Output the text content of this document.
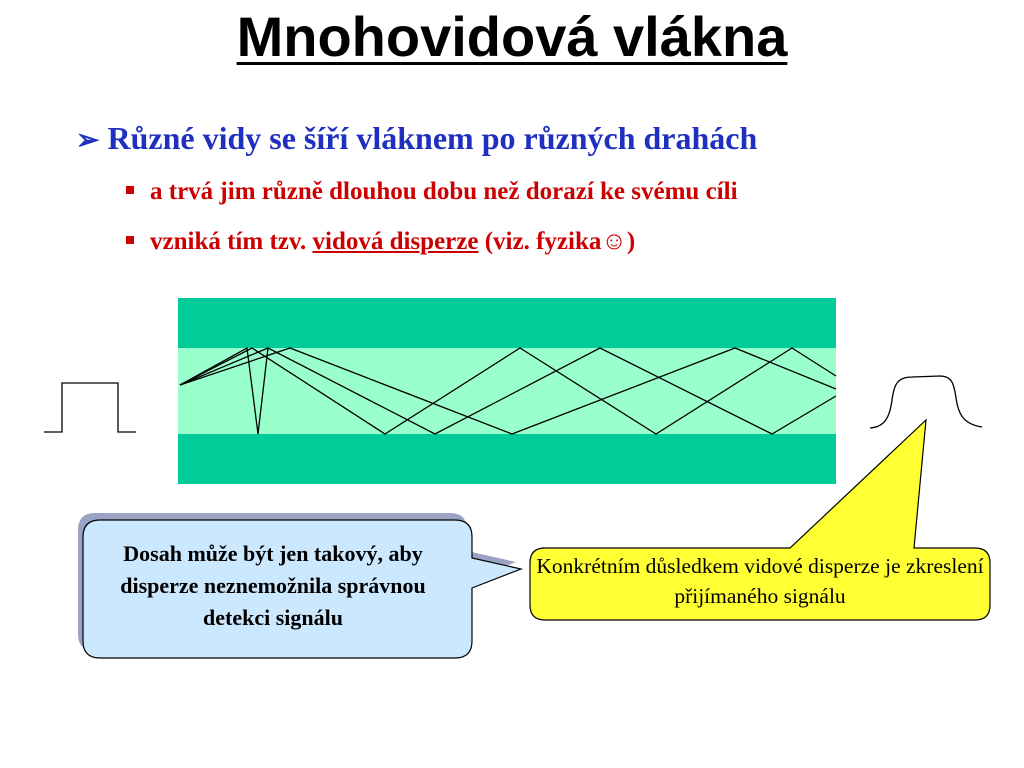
Mnohovidová vlákna
➢ Různé vidy se šíří vláknem po různých drahách
a trvá jim různě dlouhou dobu než dorazí ke svému cíli
vzniká tím tzv. vidová disperze (viz. fyzika☺)
Dosah může být jen takový, aby disperze neznemožnila správnou detekci signálu
Konkrétním důsledkem vidové disperze je zkreslení přijímaného signálu
